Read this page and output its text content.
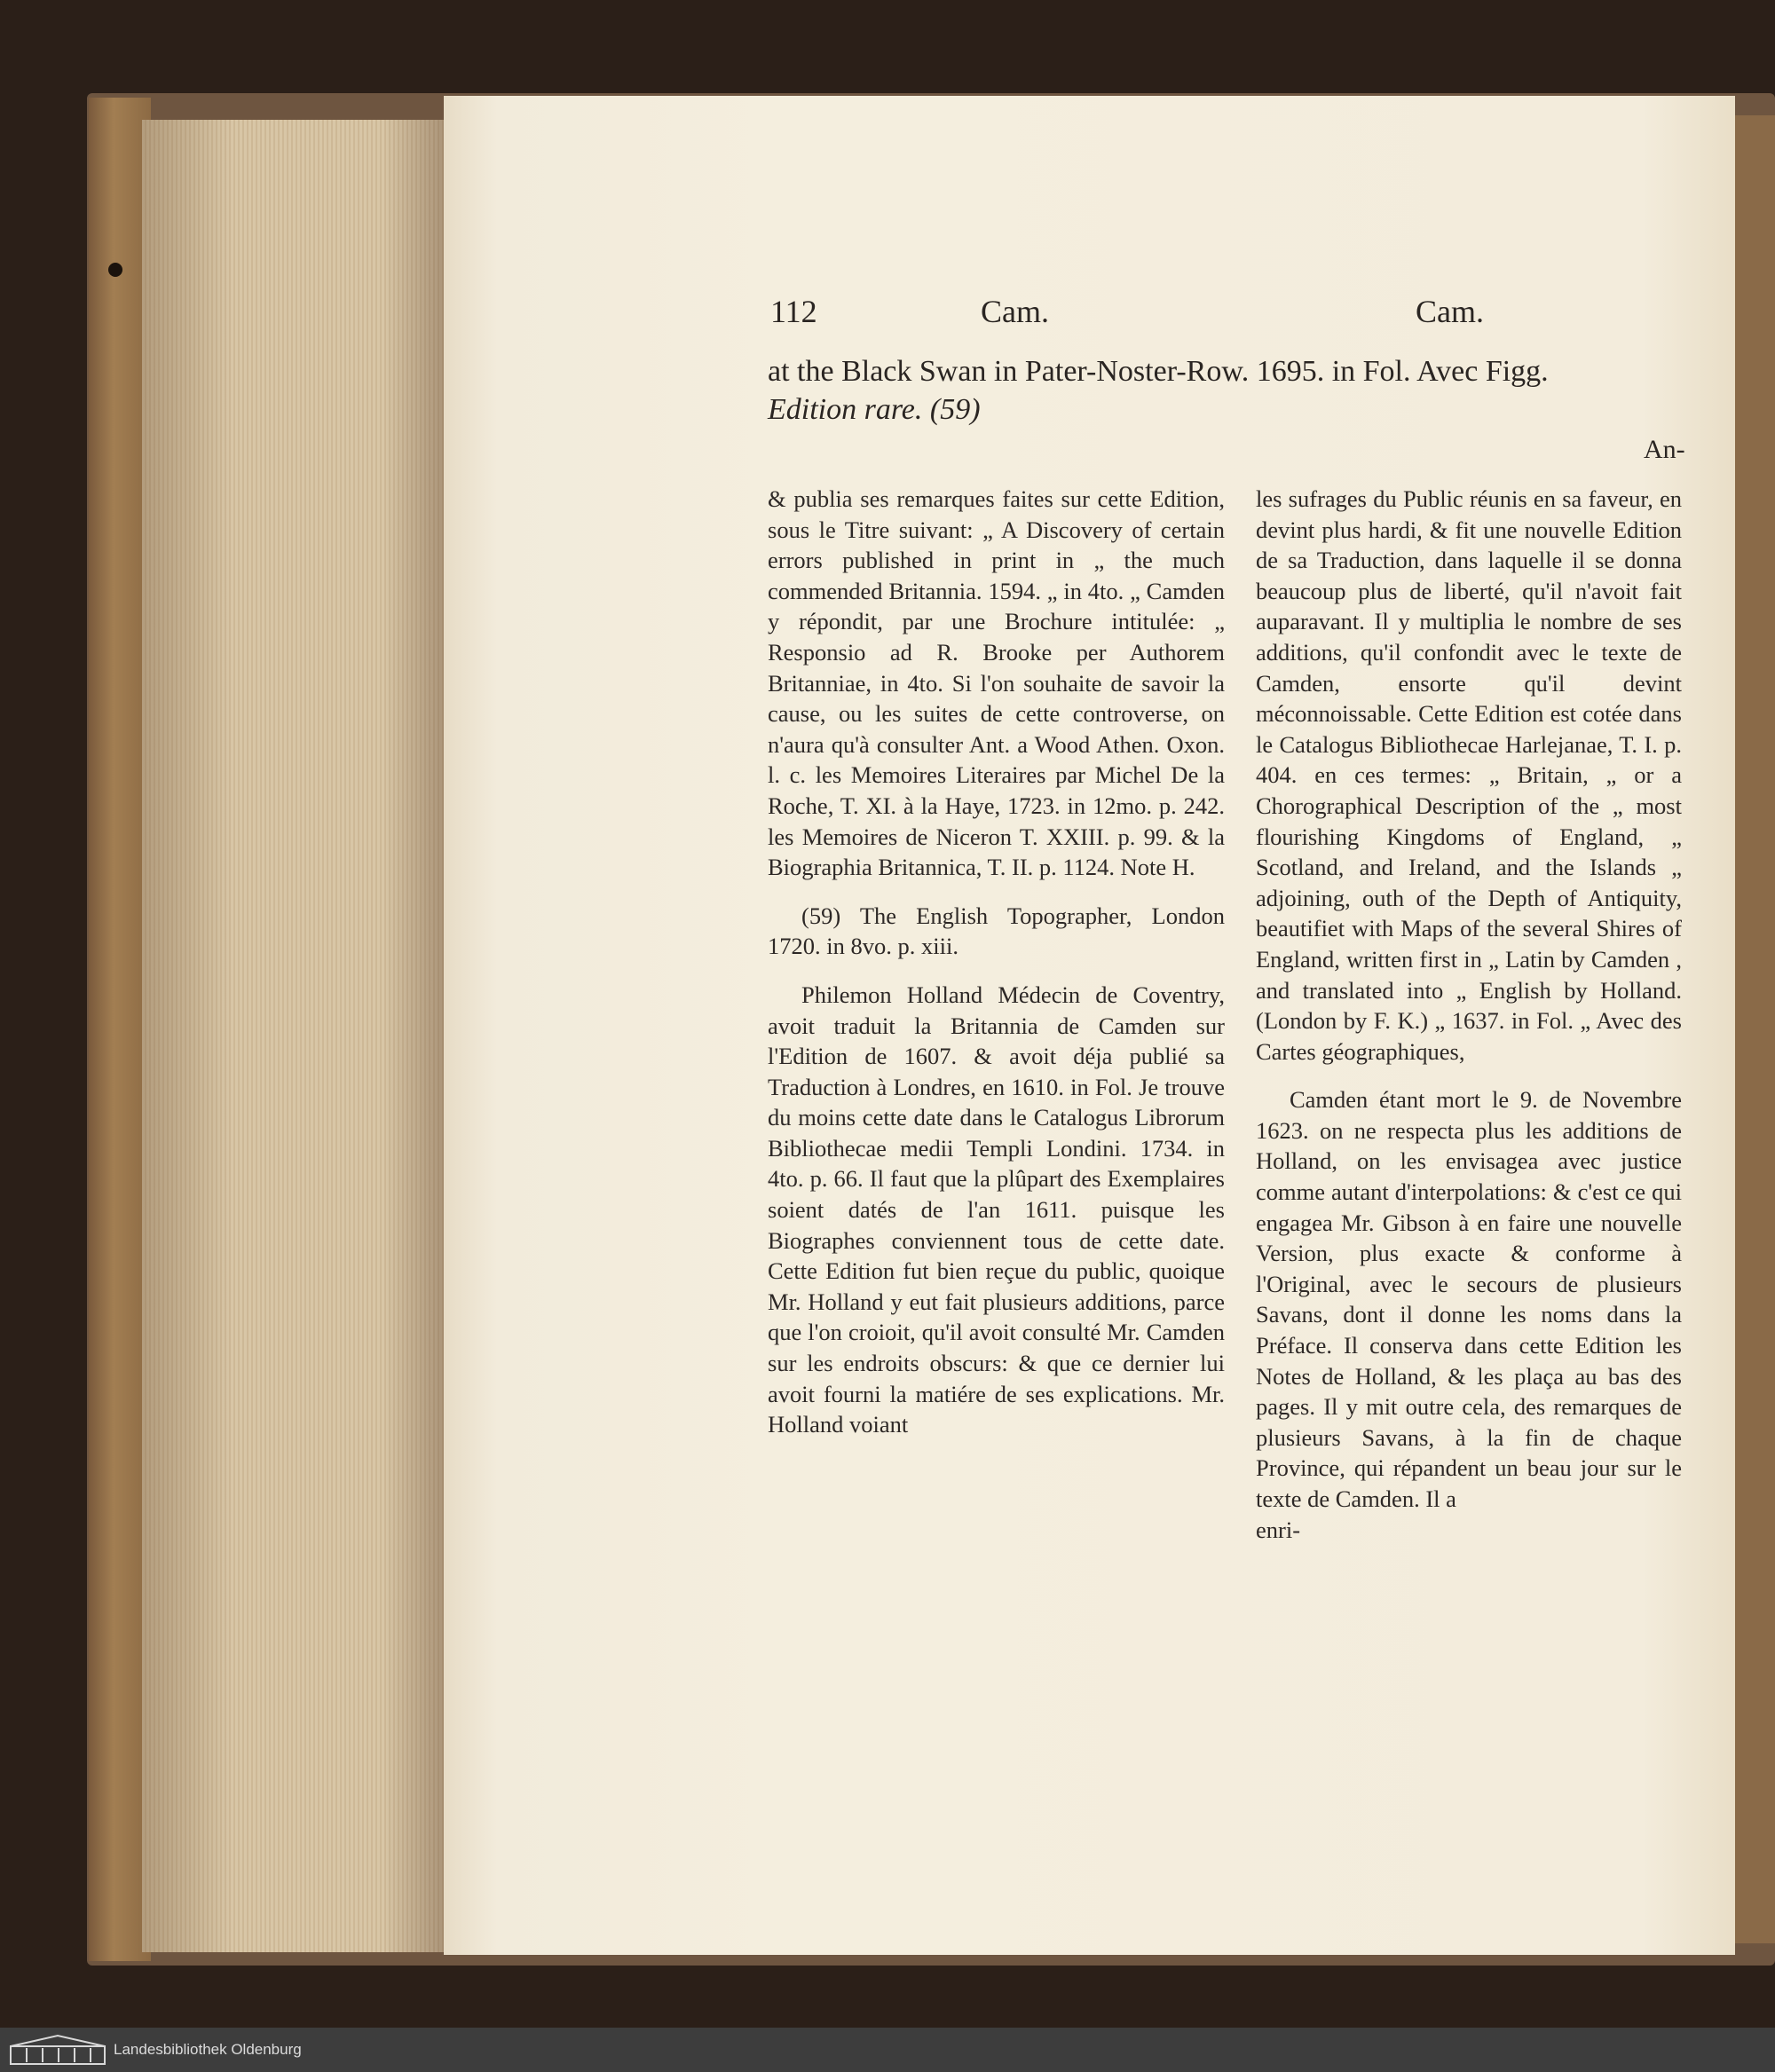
112	Cam.	Cam.
at the Black Swan in Pater-Noster-Row. 1695. in Fol. Avec Figg.
Edition rare. (59)
An-

& publia ses remarques faites sur cette Edition, sous le Titre suivant: „ A Discovery of certain errors published in print in „ the much commended Britannia. 1594. „ in 4to. „ Camden y répondit, par une Brochure intitulée: „ Responsio ad R. Brooke per Authorem Britanniae, in 4to. Si l'on souhaite de savoir la cause, ou les suites de cette controverse, on n'aura qu'à consulter Ant. a Wood Athen. Oxon. l. c. les Memoires Literaires par Michel De la Roche, T. XI. à la Haye, 1723. in 12mo. p. 242. les Memoires de Niceron T. XXIII. p. 99. & la Biographia Britannica, T. II. p. 1124. Note H.

(59) The English Topographer, London 1720. in 8vo. p. xiii.

Philemon Holland Médecin de Coventry, avoit traduit la Britannia de Camden sur l'Edition de 1607. & avoit déja publié sa Traduction à Londres, en 1610. in Fol. Je trouve du moins cette date dans le Catalogus Librorum Bibliothecae medii Templi Londini. 1734. in 4to. p. 66. Il faut que la plûpart des Exemplaires soient datés de l'an 1611. puisque les Biographes conviennent tous de cette date. Cette Edition fut bien reçue du public, quoique Mr. Holland y eut fait plusieurs additions, parce que l'on croioit, qu'il avoit consulté Mr. Camden sur les endroits obscurs: & que ce dernier lui avoit fourni la matiére de ses explications. Mr. Holland voiant

les sufrages du Public réunis en sa faveur, en devint plus hardi, & fit une nouvelle Edition de sa Traduction, dans laquelle il se donna beaucoup plus de liberté, qu'il n'avoit fait auparavant. Il y multiplia le nombre de ses additions, qu'il confondit avec le texte de Camden, ensorte qu'il devint méconnoissable. Cette Edition est cotée dans le Catalogus Bibliothecae Harlejanae, T. I. p. 404. en ces termes: „ Britain, „ or a Chorographical Description of the „ most flourishing Kingdoms of England, „ Scotland, and Ireland, and the Islands „ adjoining, outh of the Depth of Antiquity, beautifiet with Maps of the several Shires of England, written first in „ Latin by Camden , and translated into „ English by Holland. (London by F. K.) „ 1637. in Fol. „ Avec des Cartes géographiques,

Camden étant mort le 9. de Novembre 1623. on ne respecta plus les additions de Holland, on les envisagea avec justice comme autant d'interpolations: & c'est ce qui engagea Mr. Gibson à en faire une nouvelle Version, plus exacte & conforme à l'Original, avec le secours de plusieurs Savans, dont il donne les noms dans la Préface. Il conserva dans cette Edition les Notes de Holland, & les plaça au bas des pages. Il y mit outre cela, des remarques de plusieurs Savans, à la fin de chaque Province, qui répandent un beau jour sur le texte de Camden. Il a

enri-

Landesbibliothek Oldenburg
